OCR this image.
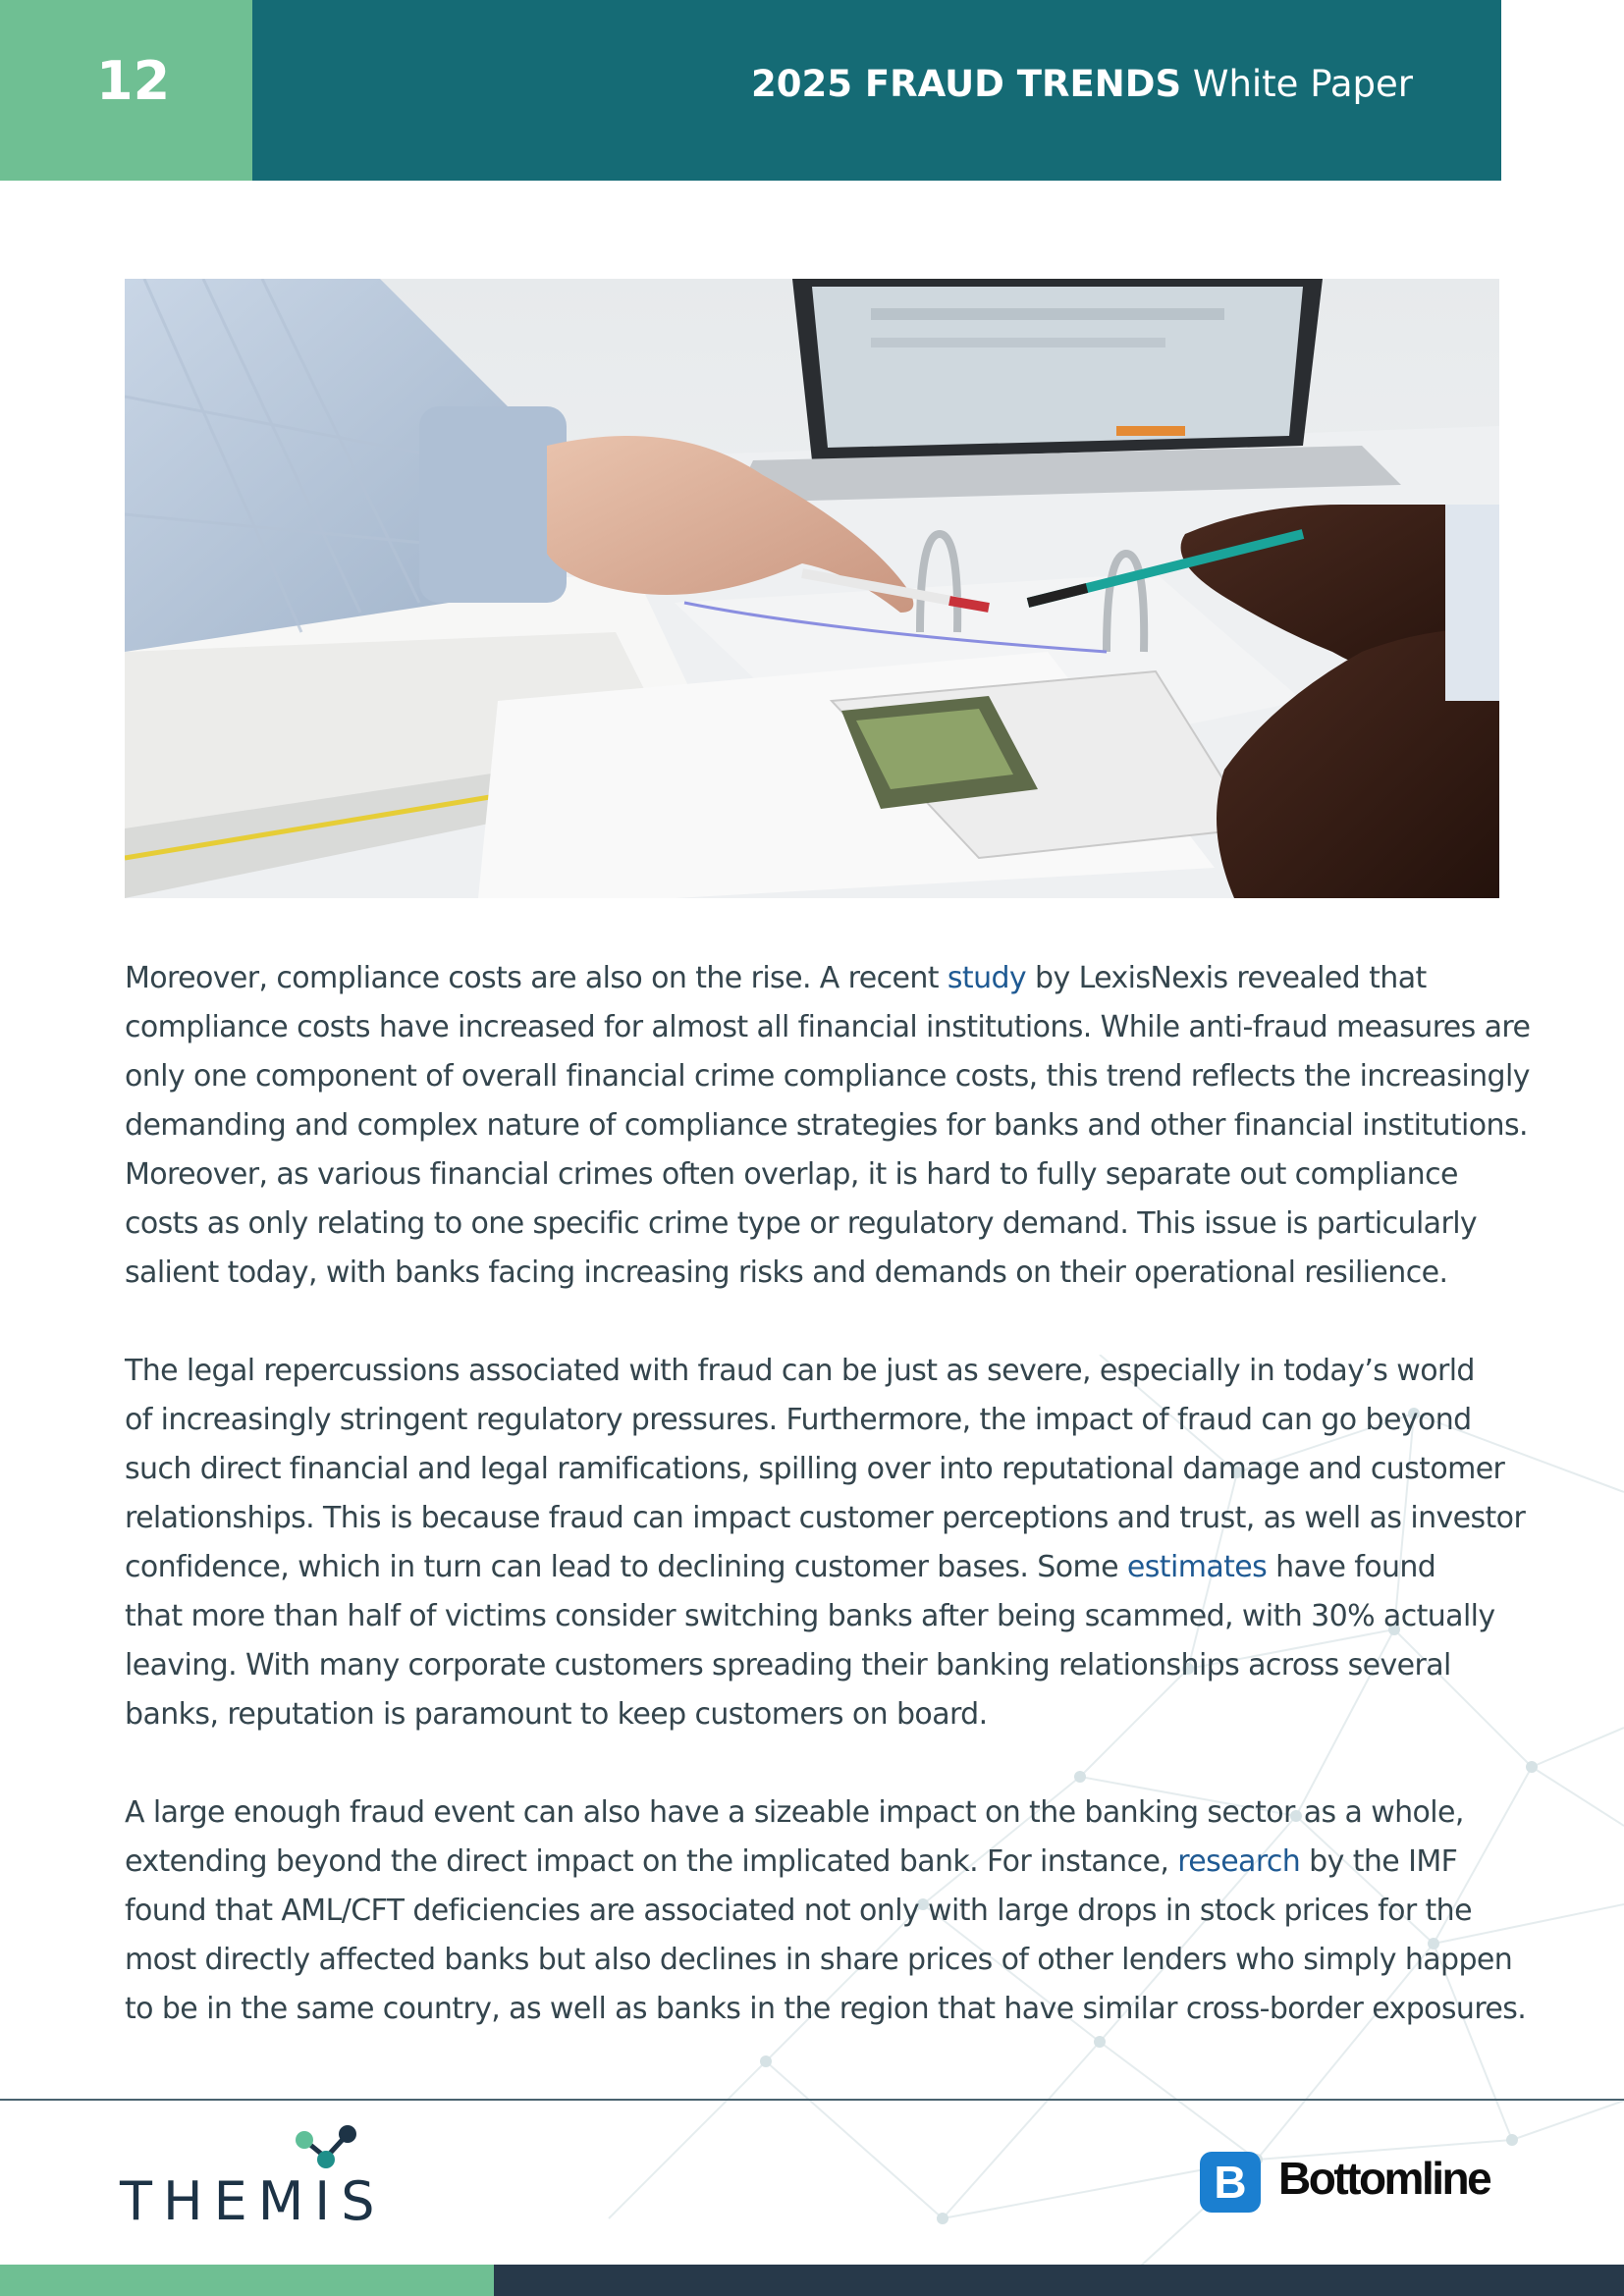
12	2025 FRAUD TRENDS White Paper

Moreover, compliance costs are also on the rise. A recent study by LexisNexis revealed that
compliance costs have increased for almost all financial institutions. While anti-fraud measures are
only one component of overall financial crime compliance costs, this trend reflects the increasingly
demanding and complex nature of compliance strategies for banks and other financial institutions.
Moreover, as various financial crimes often overlap, it is hard to fully separate out compliance
costs as only relating to one specific crime type or regulatory demand. This issue is particularly
salient today, with banks facing increasing risks and demands on their operational resilience.

The legal repercussions associated with fraud can be just as severe, especially in today’s world
of increasingly stringent regulatory pressures. Furthermore, the impact of fraud can go beyond
such direct financial and legal ramifications, spilling over into reputational damage and customer
relationships. This is because fraud can impact customer perceptions and trust, as well as investor
confidence, which in turn can lead to declining customer bases. Some estimates have found
that more than half of victims consider switching banks after being scammed, with 30% actually
leaving. With many corporate customers spreading their banking relationships across several
banks, reputation is paramount to keep customers on board.

A large enough fraud event can also have a sizeable impact on the banking sector as a whole,
extending beyond the direct impact on the implicated bank. For instance, research by the IMF
found that AML/CFT deficiencies are associated not only with large drops in stock prices for the
most directly affected banks but also declines in share prices of other lenders who simply happen
to be in the same country, as well as banks in the region that have similar cross-border exposures.

THEMIS	B Bottomline
